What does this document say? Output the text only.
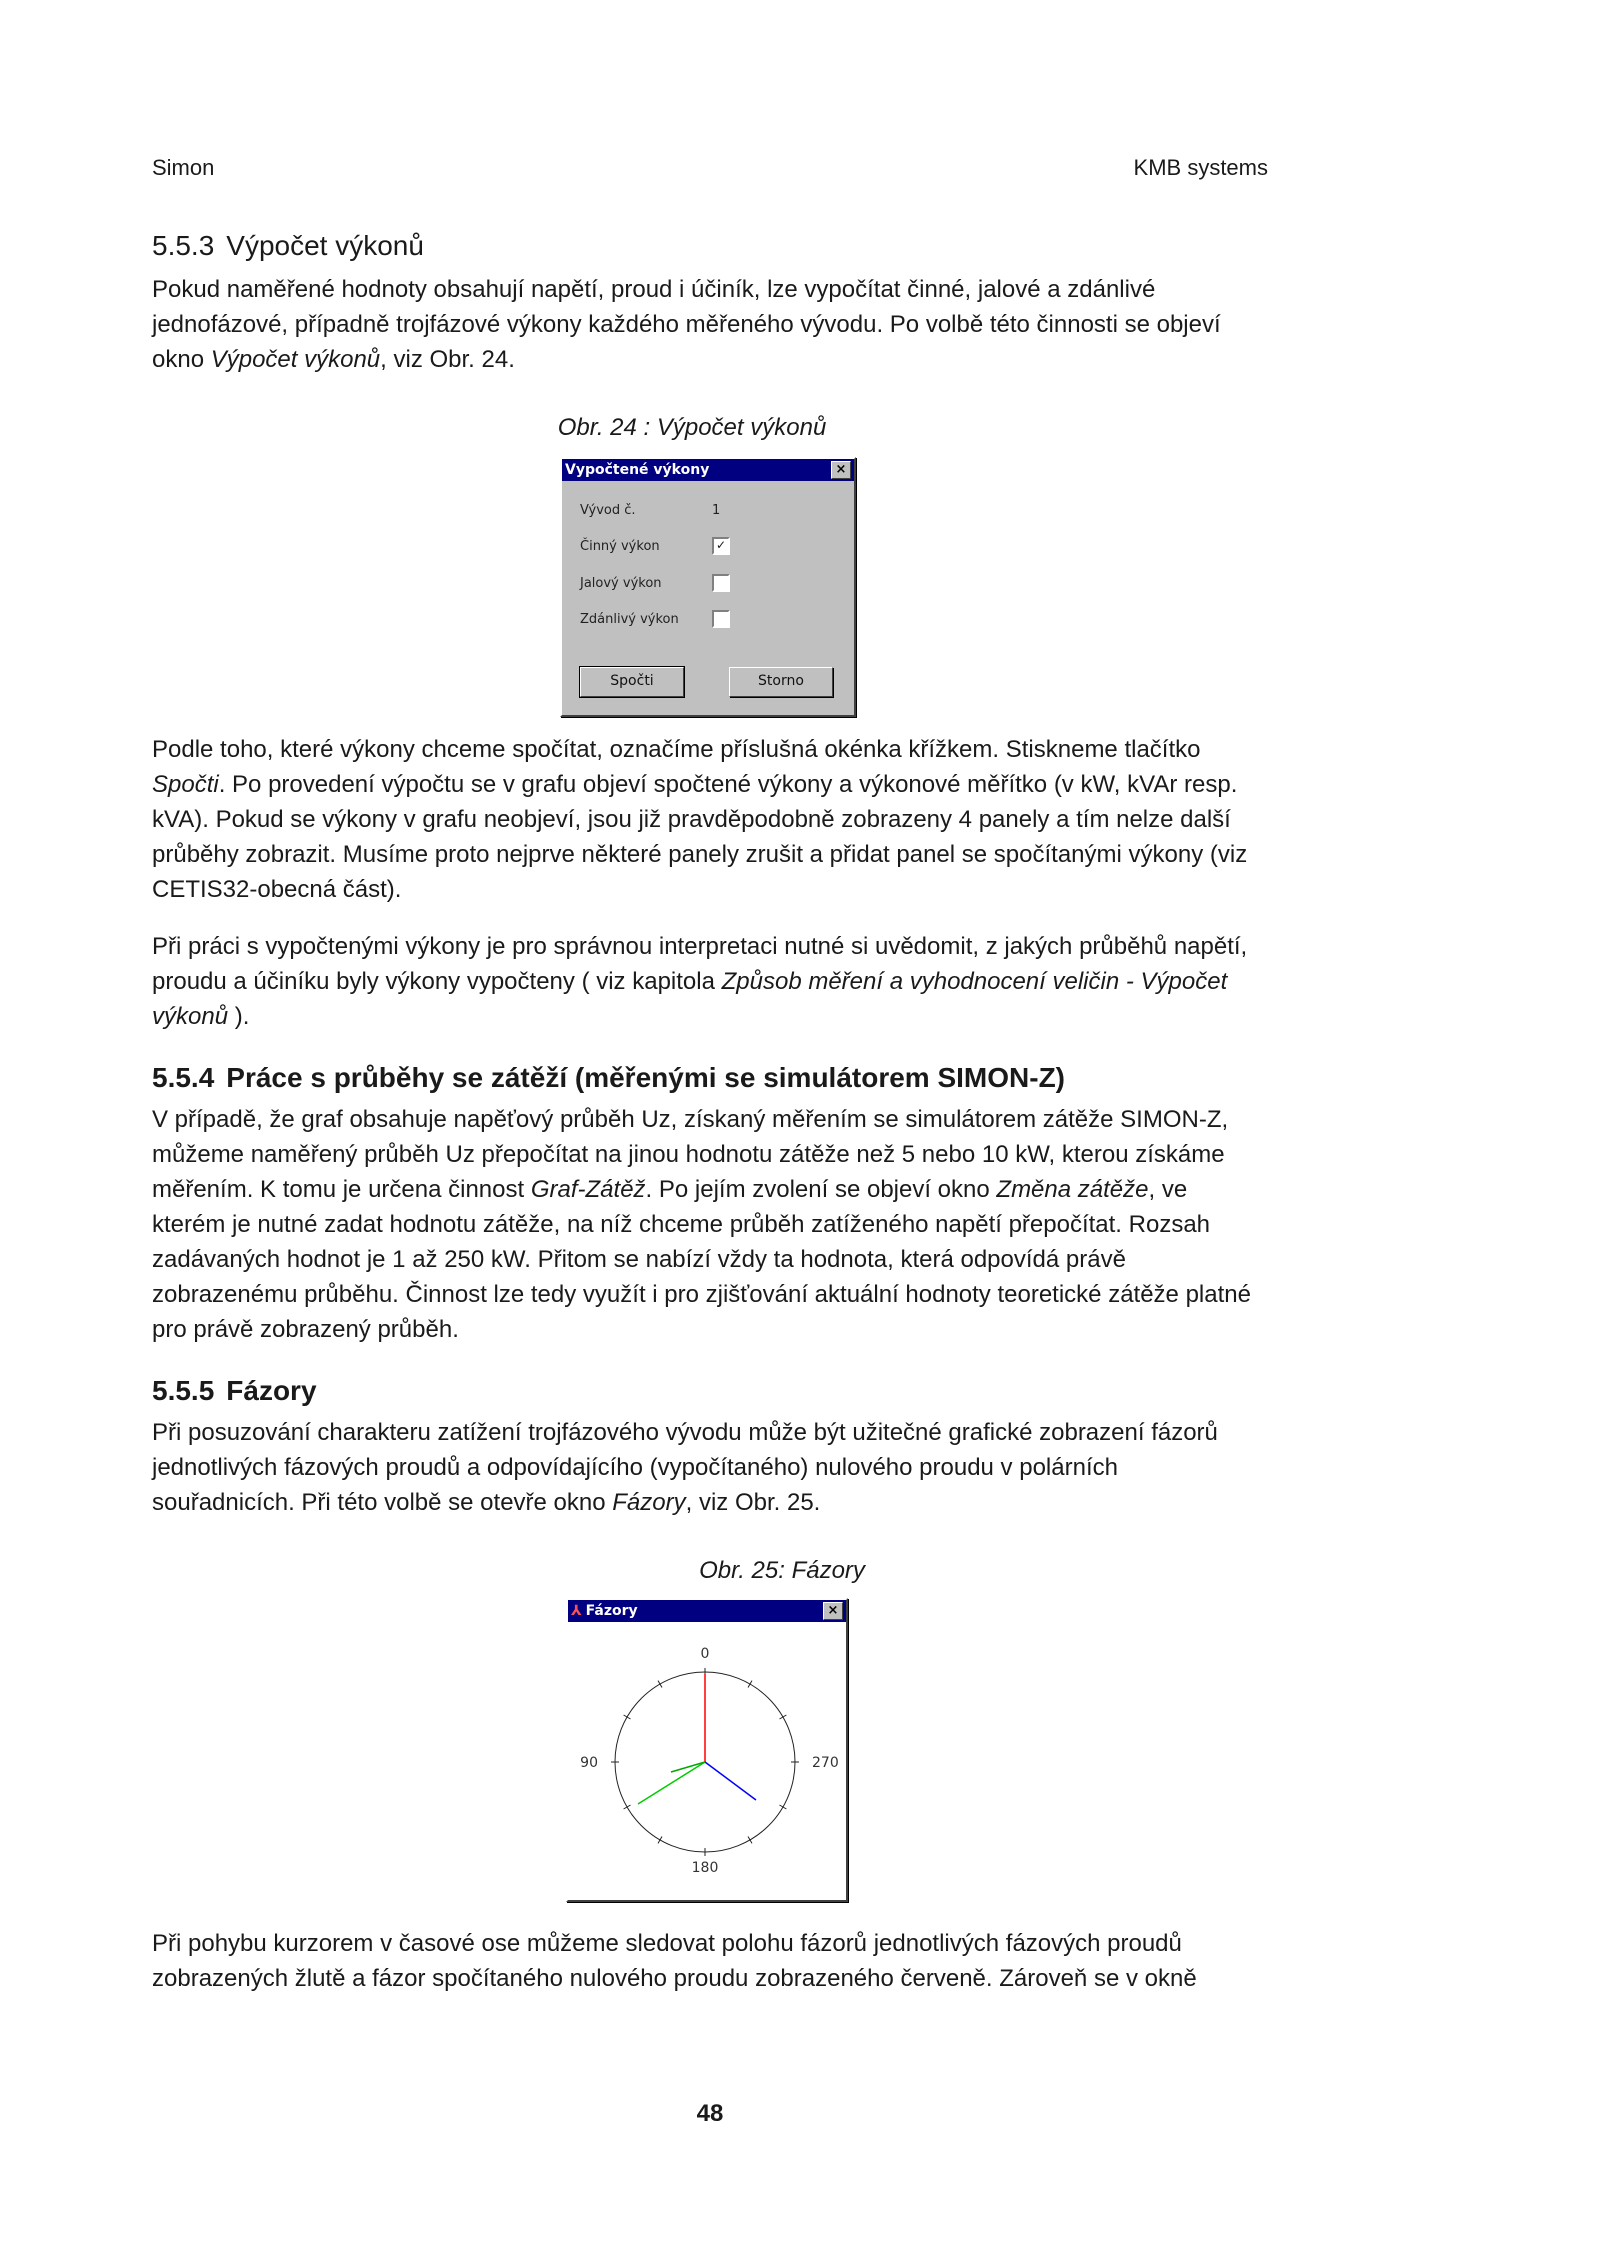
Simon	KMB systems
5.5.3 Výpočet výkonů

Pokud naměřené hodnoty obsahují napětí, proud i účiník, lze vypočítat činné, jalové a zdánlivé jednofázové, případně trojfázové výkony každého měřeného vývodu. Po volbě této činnosti se objeví okno Výpočet výkonů, viz Obr. 24.

Obr. 24 : Výpočet výkonů

Vypočtené výkony	×
Vývod č.	1
Činný výkon	✓
Jalový výkon
Zdánlivý výkon
Spočti	Storno

Podle toho, které výkony chceme spočítat, označíme příslušná okénka křížkem. Stiskneme tlačítko Spočti. Po provedení výpočtu se v grafu objeví spočtené výkony a výkonové měřítko (v kW, kVAr resp. kVA). Pokud se výkony v grafu neobjeví, jsou již pravděpodobně zobrazeny 4 panely a tím nelze další průběhy zobrazit. Musíme proto nejprve některé panely zrušit a přidat panel se spočítanými výkony (viz CETIS32-obecná část).

Při práci s vypočtenými výkony je pro správnou interpretaci nutné si uvědomit, z jakých průběhů napětí, proudu a účiníku byly výkony vypočteny ( viz kapitola Způsob měření a vyhodnocení veličin - Výpočet výkonů ).

5.5.4 Práce s průběhy se zátěží (měřenými se simulátorem SIMON-Z)

V případě, že graf obsahuje napěťový průběh Uz, získaný měřením se simulátorem zátěže SIMON-Z, můžeme naměřený průběh Uz přepočítat na jinou hodnotu zátěže než 5 nebo 10 kW, kterou získáme měřením. K tomu je určena činnost Graf-Zátěž. Po jejím zvolení se objeví okno Změna zátěže, ve kterém je nutné zadat hodnotu zátěže, na níž chceme průběh zatíženého napětí přepočítat. Rozsah zadávaných hodnot je 1 až 250 kW. Přitom se nabízí vždy ta hodnota, která odpovídá právě zobrazenému průběhu. Činnost lze tedy využít i pro zjišťování aktuální hodnoty teoretické zátěže platné pro právě zobrazený průběh.

5.5.5 Fázory

Při posuzování charakteru zatížení trojfázového vývodu může být užitečné grafické zobrazení fázorů jednotlivých fázových proudů a odpovídajícího (vypočítaného) nulového proudu v polárních souřadnicích. Při této volbě se otevře okno Fázory, viz Obr. 25.

Obr. 25: Fázory

⅄ Fázory	×
0
90	270
180

Při pohybu kurzorem v časové ose můžeme sledovat polohu fázorů jednotlivých fázových proudů zobrazených žlutě a fázor spočítaného nulového proudu zobrazeného červeně. Zároveň se v okně

48
